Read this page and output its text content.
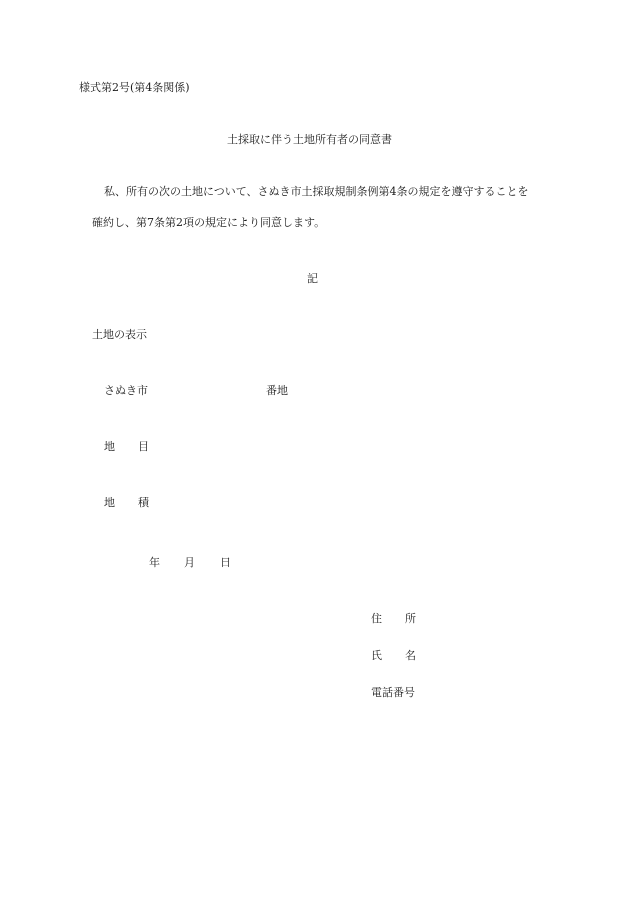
様式第2号(第4条関係)
土採取に伴う土地所有者の同意書
私、所有の次の土地について、さぬき市土採取規制条例第4条の規定を遵守することを
確約し、第7条第2項の規定により同意します。
記
土地の表示
さぬき市	番地
地 目
地 積
年 月 日
住 所
氏 名
電話番号
